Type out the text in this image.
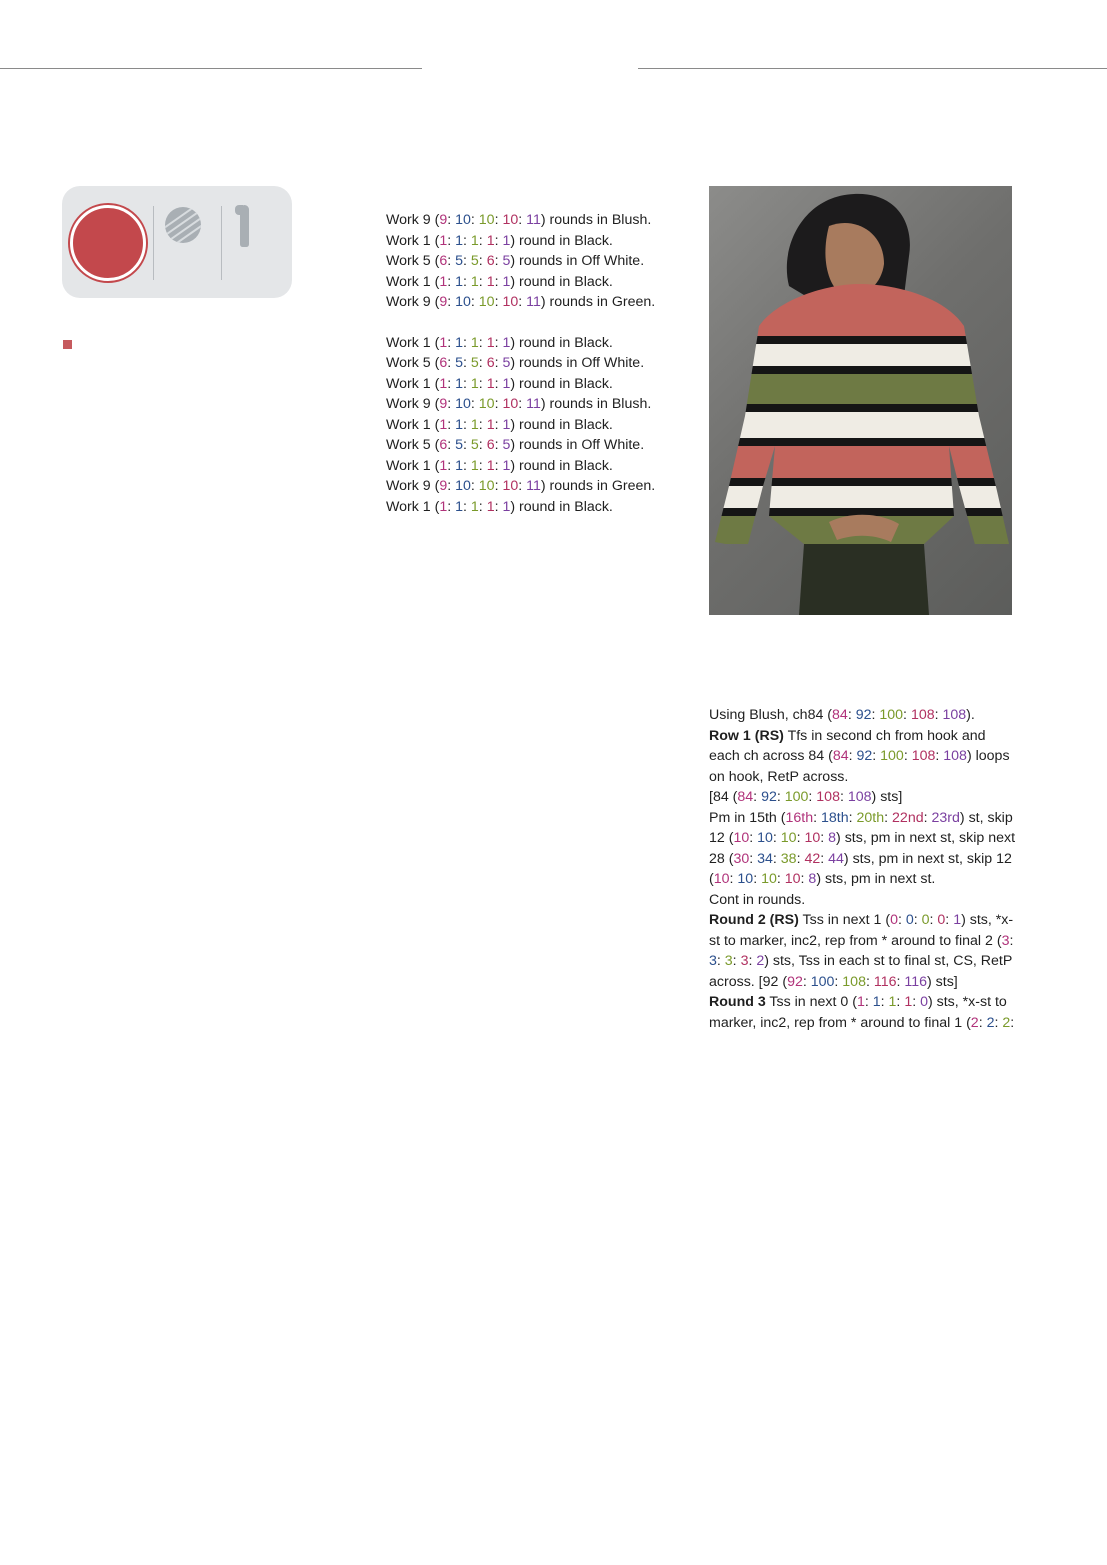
Work 9 (9: 10: 10: 10: 11) rounds in Blush.
Work 1 (1: 1: 1: 1: 1) round in Black.
Work 5 (6: 5: 5: 6: 5) rounds in Off White.
Work 1 (1: 1: 1: 1: 1) round in Black.
Work 9 (9: 10: 10: 10: 11) rounds in Green.
Work 1 (1: 1: 1: 1: 1) round in Black.
Work 5 (6: 5: 5: 6: 5) rounds in Off White.
Work 1 (1: 1: 1: 1: 1) round in Black.
Work 9 (9: 10: 10: 10: 11) rounds in Blush.
Work 1 (1: 1: 1: 1: 1) round in Black.
Work 5 (6: 5: 5: 6: 5) rounds in Off White.
Work 1 (1: 1: 1: 1: 1) round in Black.
Work 9 (9: 10: 10: 10: 11) rounds in Green.
Work 1 (1: 1: 1: 1: 1) round in Black.
Using Blush, ch84 (84: 92: 100: 108: 108).
Row 1 (RS) Tfs in second ch from hook and each ch across 84 (84: 92: 100: 108: 108) loops on hook, RetP across.
[84 (84: 92: 100: 108: 108) sts]
Pm in 15th (16th: 18th: 20th: 22nd: 23rd) st, skip 12 (10: 10: 10: 10: 8) sts, pm in next st, skip next 28 (30: 34: 38: 42: 44) sts, pm in next st, skip 12 (10: 10: 10: 10: 8) sts, pm in next st.
Cont in rounds.
Round 2 (RS) Tss in next 1 (0: 0: 0: 0: 1) sts, *x-st to marker, inc2, rep from * around to final 2 (3: 3: 3: 3: 2) sts, Tss in each st to final st, CS, RetP across. [92 (92: 100: 108: 116: 116) sts]
Round 3 Tss in next 0 (1: 1: 1: 1: 0) sts, *x-st to marker, inc2, rep from * around to final 1 (2: 2: 2:
